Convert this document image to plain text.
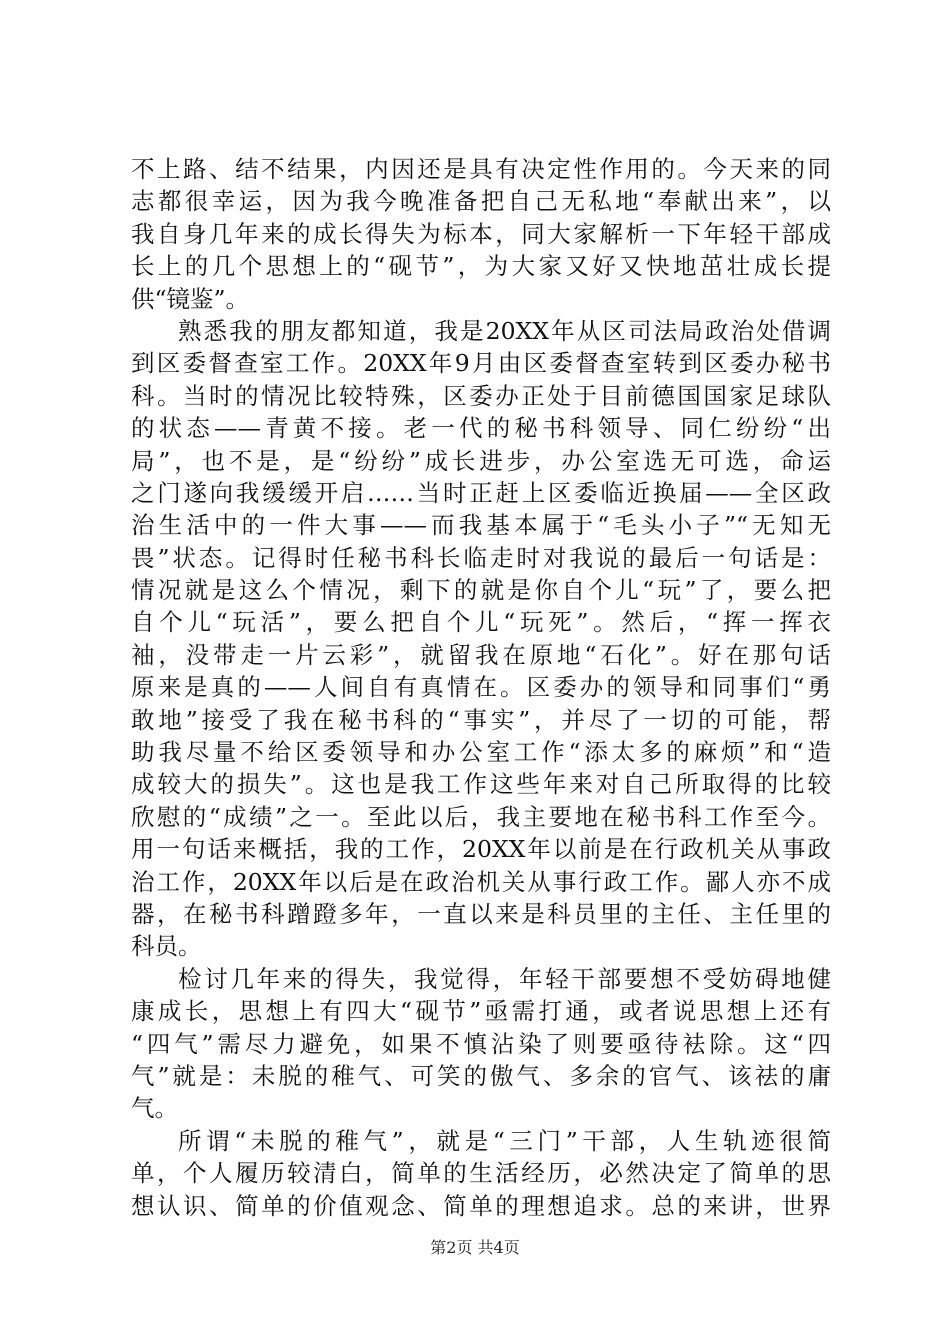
不上路、结不结果，内因还是具有决定性作用的。今天来的同
志都很幸运，因为我今晚准备把自己无私地“奉献出来”，以
我自身几年来的成长得失为标本，同大家解析一下年轻干部成
长上的几个思想上的“砚节”，为大家又好又快地茁壮成长提
供“镜鉴”。
熟悉我的朋友都知道，我是20XX年从区司法局政治处借调
到区委督查室工作。20XX年9月由区委督查室转到区委办秘书
科。当时的情况比较特殊，区委办正处于目前德国国家足球队
的状态——青黄不接。老一代的秘书科领导、同仁纷纷“出
局”，也不是，是“纷纷”成长进步，办公室选无可选，命运
之门遂向我缓缓开启……当时正赶上区委临近换届——全区政
治生活中的一件大事——而我基本属于“毛头小子”“无知无
畏”状态。记得时任秘书科长临走时对我说的最后一句话是：
情况就是这么个情况，剩下的就是你自个儿“玩”了，要么把
自个儿“玩活”，要么把自个儿“玩死”。然后，“挥一挥衣
袖，没带走一片云彩”，就留我在原地“石化”。好在那句话
原来是真的——人间自有真情在。区委办的领导和同事们“勇
敢地”接受了我在秘书科的“事实”，并尽了一切的可能，帮
助我尽量不给区委领导和办公室工作“添太多的麻烦”和“造
成较大的损失”。这也是我工作这些年来对自己所取得的比较
欣慰的“成绩”之一。至此以后，我主要地在秘书科工作至今。
用一句话来概括，我的工作，20XX年以前是在行政机关从事政
治工作，20XX年以后是在政治机关从事行政工作。鄙人亦不成
器，在秘书科蹭蹬多年，一直以来是科员里的主任、主任里的
科员。
检讨几年来的得失，我觉得，年轻干部要想不受妨碍地健
康成长，思想上有四大“砚节”亟需打通，或者说思想上还有
“四气”需尽力避免，如果不慎沾染了则要亟待袪除。这“四
气”就是：未脱的稚气、可笑的傲气、多余的官气、该祛的庸
气。
所谓“未脱的稚气”，就是“三门”干部，人生轨迹很简
单，个人履历较清白，简单的生活经历，必然决定了简单的思
想认识、简单的价值观念、简单的理想追求。总的来讲，世界
第2页 共4页
